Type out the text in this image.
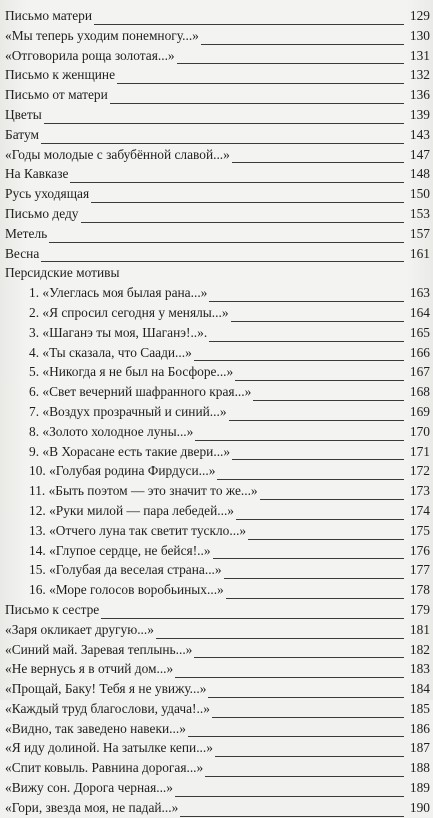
Письмо матери	129
«Мы теперь уходим понемногу...»	130
«Отговорила роща золотая...»	131
Письмо к женщине	132
Письмо от матери	136
Цветы	139
Батум	143
«Годы молодые с забубённой славой...»	147
На Кавказе	148
Русь уходящая	150
Письмо деду	153
Метель	157
Весна	161
Персидские мотивы
1. «Улеглась моя былая рана...»	163
2. «Я спросил сегодня у менялы...»	164
3. «Шаганэ ты моя, Шаганэ!..».	165
4. «Ты сказала, что Саади...»	166
5. «Никогда я не был на Босфоре...»	167
6. «Свет вечерний шафранного края...»	168
7. «Воздух прозрачный и синий...»	169
8. «Золото холодное луны...»	170
9. «В Хорасане есть такие двери...»	171
10. «Голубая родина Фирдуси...»	172
11. «Быть поэтом — это значит то же...»	173
12. «Руки милой — пара лебедей...»	174
13. «Отчего луна так светит тускло...»	175
14. «Глупое сердце, не бейся!..»	176
15. «Голубая да веселая страна...»	177
16. «Море голосов воробьиных...»	178
Письмо к сестре	179
«Заря окликает другую...»	181
«Синий май. Заревая теплынь...»	182
«Не вернусь я в отчий дом...»	183
«Прощай, Баку! Тебя я не увижу...»	184
«Каждый труд благослови, удача!..»	185
«Видно, так заведено навеки...»	186
«Я иду долиной. На затылке кепи...»	187
«Спит ковыль. Равнина дорогая...»	188
«Вижу сон. Дорога черная...»	189
«Гори, звезда моя, не падай...»	190
